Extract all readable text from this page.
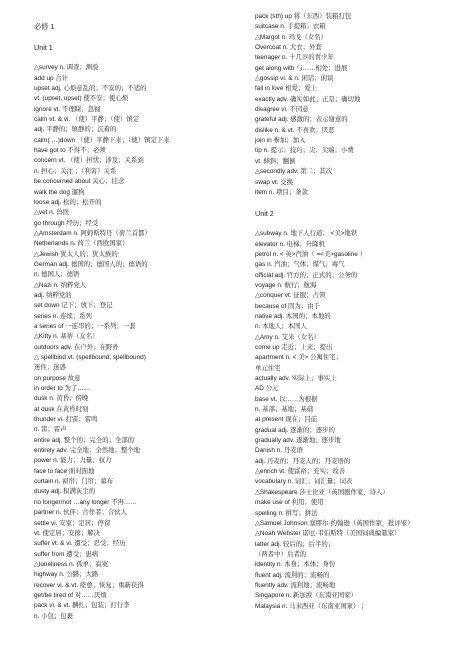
必修 1
Unit 1
△survey n. 调查；测验
add up 合计
upset adj. 心烦意乱的；不安的；不适的
vt. (upset, upset) 使不安；使心烦
ignore vt. 不理睬；忽视
calm vt. & vi. （使）平静；（使）镇定
adj. 平静的；镇静的；沉着的
calm( …)down （使）平静下来；（使）镇定下来
have got to 不得不；必须
concern vt. （使）担忧；涉及；关系到
n. 担心；关注 ；（利害）关系
be concerned about 关心；挂念
walk the dog 遛狗
loose adj. 松的；松开的
△vet n. 兽医
go through 经历；经受
△Amsterdam n. 阿姆斯特丹（荷兰首都）
Netherlands n. 荷兰（西欧国家）
△Jewish 犹太人的；犹太族的
German adj. 德国的；德国人的；德语的
n. 德国人；德语
△Nazi n. 纳粹党人
adj. 纳粹党的
set down 记下；放下；登记
series n. 连续；系列
a series of 一连串的；一系列；一套
△Kitty n. 基蒂（女名）
outdoors adv. 在户外；在野外
△ spellbind vt. (spellbound, spellbound)
迷住；迷惑
on purpose 故意
in order to 为了……
dusk n. 黄昏；傍晚
at dusk 在黄昏时刻
thunder vi. 打雷；雷鸣
n. 雷；雷声
entire adj. 整个的；完全的；全部的
entirely adv. 完全地；全然地；整个地
power n. 能力；力量；权力
face to face 面对面地
curtain n. 窗帘；门帘；幕布
dusty adj. 积满灰尘的
no longer/not …any longer 不再……
partner n. 伙伴；合作者；合伙人
settle vi. 安家；定居；停留
vt. 使定居；安排；解决
suffer vt. & vi. 遭受；忍受；经历
suffer from 遭受；患病
△loneliness n. 孤单；寂寞
highway n. 公路；大路
recover vi. & vt. 痊愈；恢复；重新获得
get/be tired of 对……厌烦
pack vi. & vt. 捆扎；包装；打行李
n. 小包；包裹
pack (sth) up 将（东西）装箱打包
suitcase n. 手提箱；衣箱
△Margot n. 玛戈（女名）
Overcoat n. 大衣；外套
teenager n. 十几岁的青少年
get along with 与……相处；进展
△gossip vi. & n. 闲话；闲谈
fall in love 相爱；爱上
exactly adv. 确实如此；正是；确切地
disagree vi. 不同意
grateful adj. 感激的；表示谢意的
dislike n. & vt. 不喜欢；厌恶
join in 参加；加入
tip n. 提示；技巧；尖；尖端；小费
vt. 倾斜；翻倒
△secondly adv. 第二；其次
swap vt. 交换
item n. 项目；条款
Unit 2
△subway n. 地下人行道； <美>地铁
elevator n. 电梯；升降机
petrol n. < 英>汽油（ =<美>gasoline ）
gas n. 汽油；气体；煤气；毒气
official adj. 官方的；正式的；公务的
voyage n. 航行；航海
△conquer vt. 征服；占领
because of 因为；由于
native adj. 本国的；本地的
n. 本地人；本国人
△Amy n. 艾米（女名）
come up 走近；上来；提出
apartment n. < 美> 公寓住宅；
单元住宅
actually adv. 实际上；事实上
AD 公元
base vt. 以……为根据
n. 基部；基地；基础
at present 现在；目前
gradual adj. 逐渐的；逐步的
gradually adv. 逐渐地；逐步地
Danish n. 丹麦语
adj. 丹麦的；丹麦人的；丹麦语的
△enrich vt. 使富裕；充实；改善
vocabulary n. 词汇；词汇量；词表
△Shakespeare 莎士比亚（英国剧作家，诗人）
make use of 利用；使用
spelling n. 拼写；拼法
△Samuel Johnson 塞缪尔·约翰逊（英国作家，批评家）
△Noah Webster 诺厄·韦伯斯特（美国词典编纂家）
latter adj. 较后的；后半的；
（两者中）后者的
identity n. 本身；本体；身份
fluent adj. 流利的；流畅的
fluently adv. 流利地；流畅地
Singapore n. 新加坡（东南亚国家）
Malaysia n. 马来西亚（东南亚国家） ；
